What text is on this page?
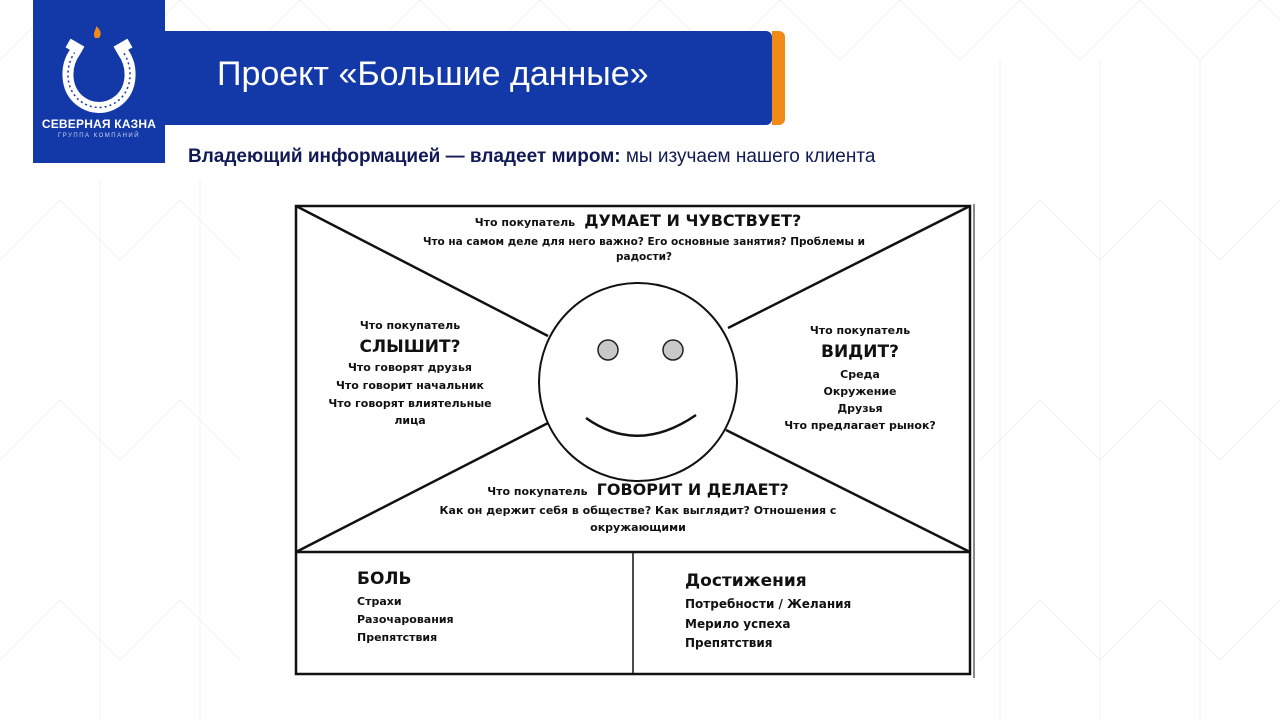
СЕВЕРНАЯ КАЗНА
ГРУППА КОМПАНИЙ
Проект «Большие данные»
Владеющий информацией — владеет миром: мы изучаем нашего клиента
Что покупатель ДУМАЕТ И ЧУВСТВУЕТ?
Что на самом деле для него важно? Его основные занятия? Проблемы и
радости?
Что покупатель
СЛЫШИТ?
Что говорят друзья
Что говорит начальник
Что говорят влиятельные
лица
Что покупатель
ВИДИТ?
Среда
Окружение
Друзья
Что предлагает рынок?
Что покупатель ГОВОРИТ И ДЕЛАЕТ?
Как он держит себя в обществе? Как выглядит? Отношения с
окружающими
БОЛЬ
Страхи
Разочарования
Препятствия
Достижения
Потребности / Желания
Мерило успеха
Препятствия
